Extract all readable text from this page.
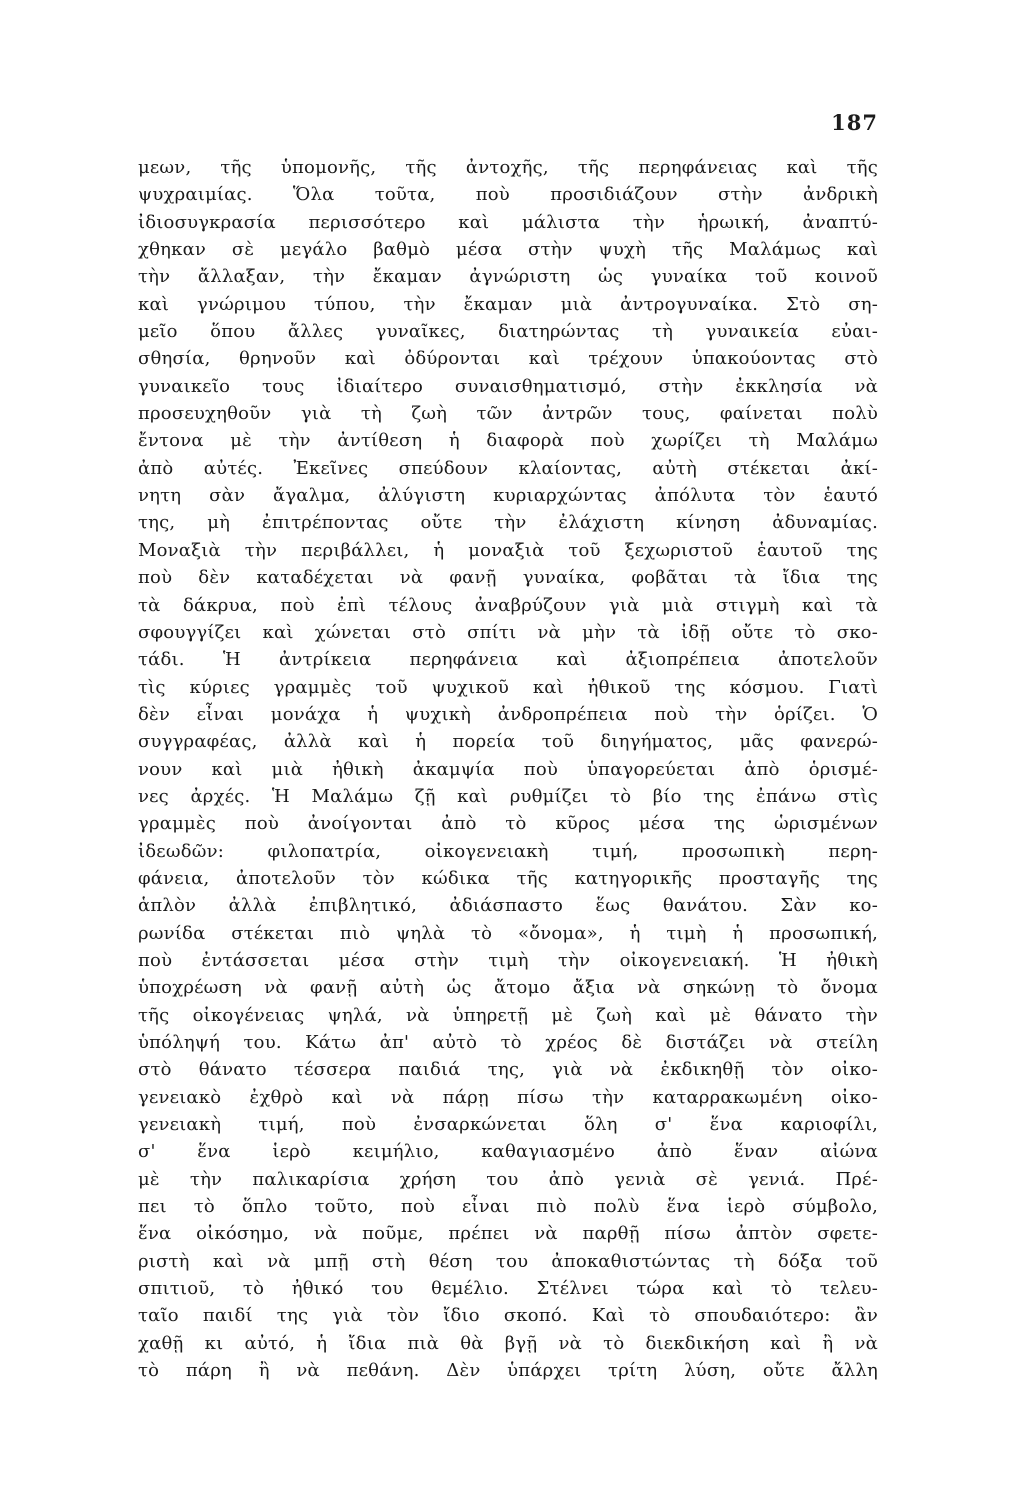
187
μεων, τῆς ὑπομονῆς, τῆς ἀντοχῆς, τῆς περηφάνειας καὶ τῆς
ψυχραιμίας. Ὅλα τοῦτα, ποὺ προσιδιάζουν στὴν ἀνδρικὴ
ἰδιοσυγκρασία περισσότερο καὶ μάλιστα τὴν ἡρωική, ἀναπτύ-
χθηκαν σὲ μεγάλο βαθμὸ μέσα στὴν ψυχὴ τῆς Μαλάμως καὶ
τὴν ἄλλαξαν, τὴν ἔκαμαν ἀγνώριστη ὡς γυναίκα τοῦ κοινοῦ
καὶ γνώριμου τύπου, τὴν ἔκαμαν μιὰ ἀντρογυναίκα. Στὸ ση-
μεῖο ὅπου ἄλλες γυναῖκες, διατηρώντας τὴ γυναικεία εὐαι-
σθησία, θρηνοῦν καὶ ὀδύρονται καὶ τρέχουν ὑπακούοντας στὸ
γυναικεῖο τους ἰδιαίτερο συναισθηματισμό, στὴν ἐκκλησία νὰ
προσευχηθοῦν γιὰ τὴ ζωὴ τῶν ἀντρῶν τους, φαίνεται πολὺ
ἔντονα μὲ τὴν ἀντίθεση ἡ διαφορὰ ποὺ χωρίζει τὴ Μαλάμω
ἀπὸ αὐτές. Ἐκεῖνες σπεύδουν κλαίοντας, αὐτὴ στέκεται ἀκί-
νητη σὰν ἄγαλμα, ἀλύγιστη κυριαρχώντας ἀπόλυτα τὸν ἑαυτό
της, μὴ ἐπιτρέποντας οὔτε τὴν ἐλάχιστη κίνηση ἀδυναμίας.
Μοναξιὰ τὴν περιβάλλει, ἡ μοναξιὰ τοῦ ξεχωριστοῦ ἑαυτοῦ της
ποὺ δὲν καταδέχεται νὰ φανῇ γυναίκα, φοβᾶται τὰ ἴδια της
τὰ δάκρυα, ποὺ ἐπὶ τέλους ἀναβρύζουν γιὰ μιὰ στιγμὴ καὶ τὰ
σφουγγίζει καὶ χώνεται στὸ σπίτι νὰ μὴν τὰ ἰδῇ οὔτε τὸ σκο-
τάδι. Ἡ ἀντρίκεια περηφάνεια καὶ ἀξιοπρέπεια ἀποτελοῦν
τὶς κύριες γραμμὲς τοῦ ψυχικοῦ καὶ ἠθικοῦ της κόσμου. Γιατὶ
δὲν εἶναι μονάχα ἡ ψυχικὴ ἀνδροπρέπεια ποὺ τὴν ὁρίζει. Ὁ
συγγραφέας, ἀλλὰ καὶ ἡ πορεία τοῦ διηγήματος, μᾶς φανερώ-
νουν καὶ μιὰ ἠθικὴ ἀκαμψία ποὺ ὑπαγορεύεται ἀπὸ ὁρισμέ-
νες ἀρχές. Ἡ Μαλάμω ζῇ καὶ ρυθμίζει τὸ βίο της ἐπάνω στὶς
γραμμὲς ποὺ ἀνοίγονται ἀπὸ τὸ κῦρος μέσα της ὡρισμένων
ἰδεωδῶν: φιλοπατρία, οἰκογενειακὴ τιμή, προσωπικὴ περη-
φάνεια, ἀποτελοῦν τὸν κώδικα τῆς κατηγορικῆς προσταγῆς της
ἁπλὸν ἀλλὰ ἐπιβλητικό, ἀδιάσπαστο ἕως θανάτου. Σὰν κο-
ρωνίδα στέκεται πιὸ ψηλὰ τὸ «ὄνομα», ἡ τιμὴ ἡ προσωπική,
ποὺ ἐντάσσεται μέσα στὴν τιμὴ τὴν οἰκογενειακή. Ἡ ἠθικὴ
ὑποχρέωση νὰ φανῇ αὐτὴ ὡς ἄτομο ἄξια νὰ σηκώνῃ τὸ ὄνομα
τῆς οἰκογένειας ψηλά, νὰ ὑπηρετῇ μὲ ζωὴ καὶ μὲ θάνατο τὴν
ὑπόληψή του. Κάτω ἀπ' αὐτὸ τὸ χρέος δὲ διστάζει νὰ στείλη
στὸ θάνατο τέσσερα παιδιά της, γιὰ νὰ ἐκδικηθῇ τὸν οἰκο-
γενειακὸ ἐχθρὸ καὶ νὰ πάρῃ πίσω τὴν καταρρακωμένη οἰκο-
γενειακὴ τιμή, ποὺ ἐνσαρκώνεται ὅλη σ' ἕνα καριοφίλι,
σ' ἕνα ἱερὸ κειμήλιο, καθαγιασμένο ἀπὸ ἕναν αἰώνα
μὲ τὴν παλικαρίσια χρήση του ἀπὸ γενιὰ σὲ γενιά. Πρέ-
πει τὸ ὅπλο τοῦτο, ποὺ εἶναι πιὸ πολὺ ἕνα ἱερὸ σύμβολο,
ἕνα οἰκόσημο, νὰ ποῦμε, πρέπει νὰ παρθῇ πίσω ἀπτὸν σφετε-
ριστὴ καὶ νὰ μπῇ στὴ θέση του ἀποκαθιστώντας τὴ δόξα τοῦ
σπιτιοῦ, τὸ ἠθικό του θεμέλιο. Στέλνει τώρα καὶ τὸ τελευ-
ταῖο παιδί της γιὰ τὸν ἴδιο σκοπό. Καὶ τὸ σπουδαιότερο: ἂν
χαθῇ κι αὐτό, ἡ ἴδια πιὰ θὰ βγῇ νὰ τὸ διεκδικήση καὶ ἢ νὰ
τὸ πάρη ἢ νὰ πεθάνη. Δὲν ὑπάρχει τρίτη λύση, οὔτε ἄλλη
